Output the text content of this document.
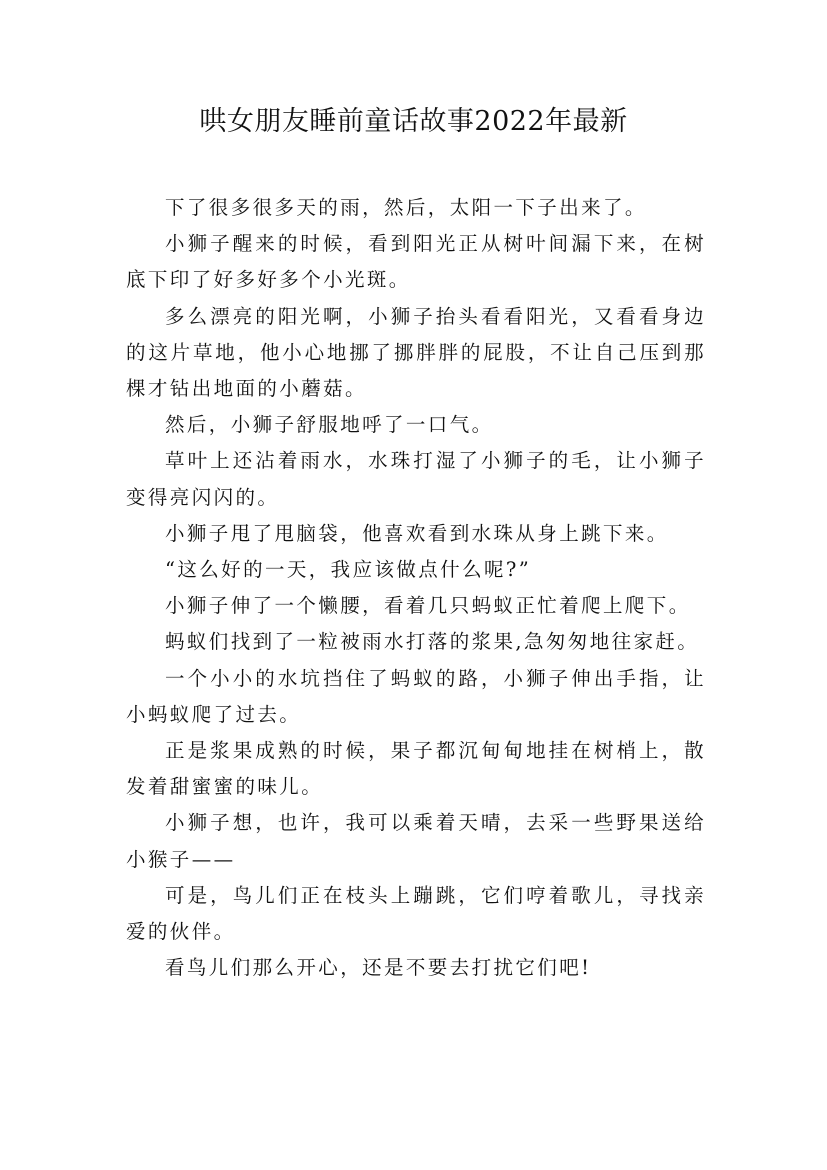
哄女朋友睡前童话故事2022年最新

下了很多很多天的雨，然后，太阳一下子出来了。

小狮子醒来的时候，看到阳光正从树叶间漏下来，在树底下印了好多好多个小光斑。

多么漂亮的阳光啊，小狮子抬头看看阳光，又看看身边的这片草地，他小心地挪了挪胖胖的屁股，不让自己压到那棵才钻出地面的小蘑菇。

然后，小狮子舒服地呼了一口气。

草叶上还沾着雨水，水珠打湿了小狮子的毛，让小狮子变得亮闪闪的。

小狮子甩了甩脑袋，他喜欢看到水珠从身上跳下来。

“这么好的一天，我应该做点什么呢?”

小狮子伸了一个懒腰，看着几只蚂蚁正忙着爬上爬下。

蚂蚁们找到了一粒被雨水打落的浆果,急匆匆地往家赶。

一个小小的水坑挡住了蚂蚁的路，小狮子伸出手指，让小蚂蚁爬了过去。

正是浆果成熟的时候，果子都沉甸甸地挂在树梢上，散发着甜蜜蜜的味儿。

小狮子想，也许，我可以乘着天晴，去采一些野果送给小猴子——

可是，鸟儿们正在枝头上蹦跳，它们哼着歌儿，寻找亲爱的伙伴。

看鸟儿们那么开心，还是不要去打扰它们吧!
